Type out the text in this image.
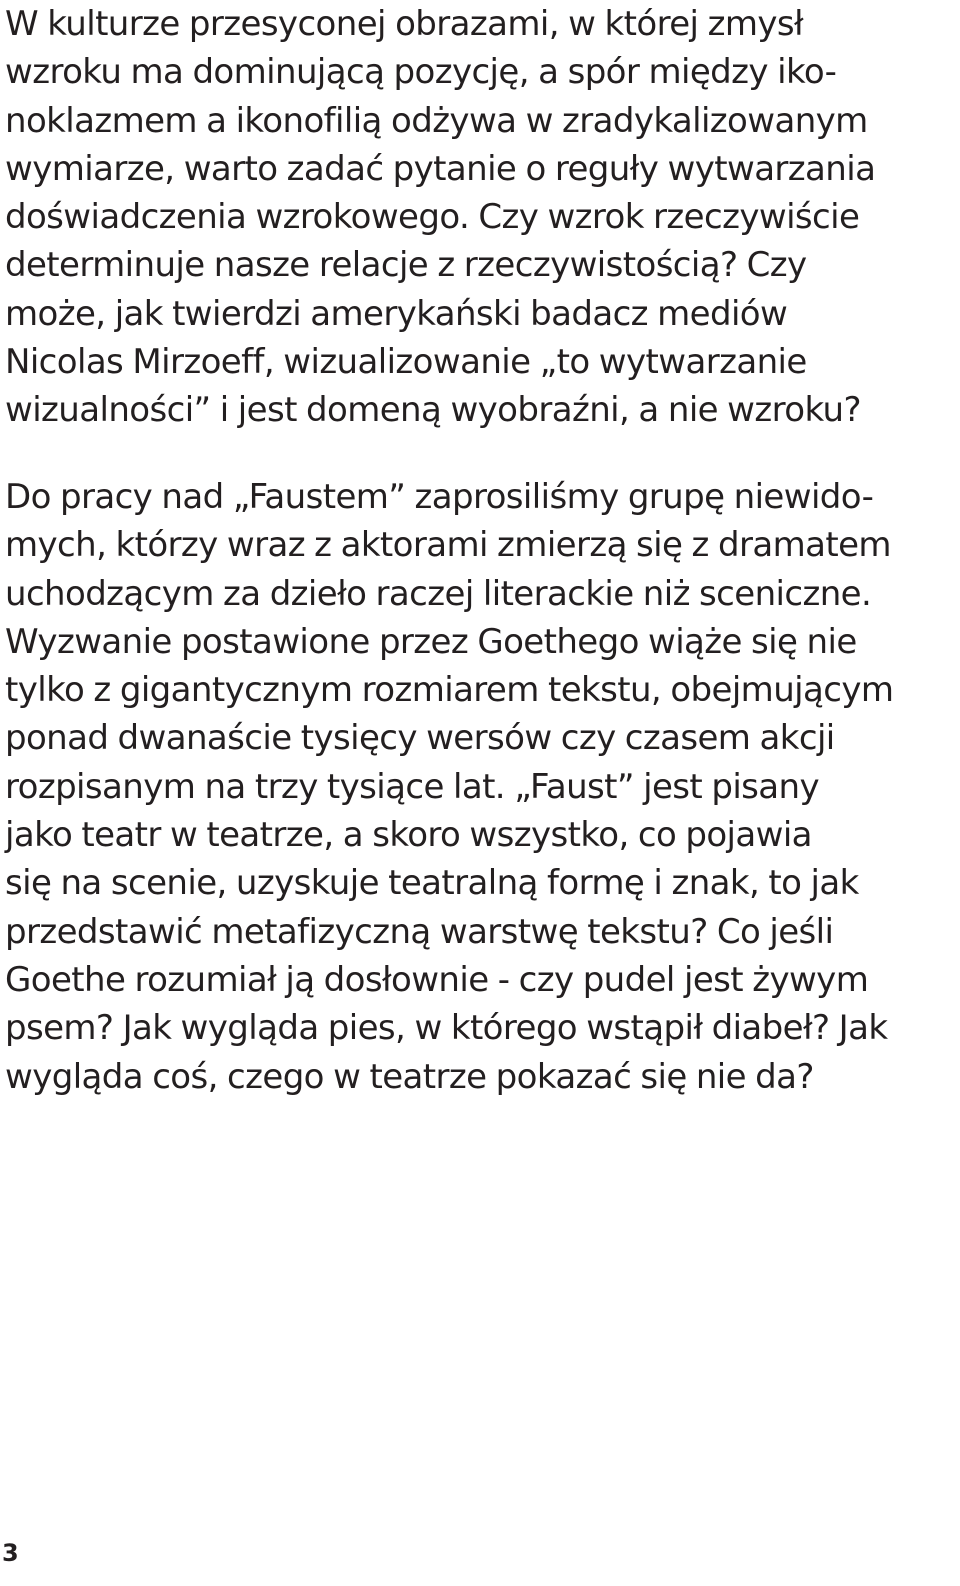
W kulturze przesyconej obrazami, w której zmysł
wzroku ma dominującą pozycję, a spór między iko-
noklazmem a ikonofilią odżywa w zradykalizowanym
wymiarze, warto zadać pytanie o reguły wytwarzania
doświadczenia wzrokowego. Czy wzrok rzeczywiście
determinuje nasze relacje z rzeczywistością? Czy
może, jak twierdzi amerykański badacz mediów
Nicolas Mirzoeff, wizualizowanie „to wytwarzanie
wizualności” i jest domeną wyobraźni, a nie wzroku?
Do pracy nad „Faustem” zaprosiliśmy grupę niewido-
mych, którzy wraz z aktorami zmierzą się z dramatem
uchodzącym za dzieło raczej literackie niż sceniczne.
Wyzwanie postawione przez Goethego wiąże się nie
tylko z gigantycznym rozmiarem tekstu, obejmującym
ponad dwanaście tysięcy wersów czy czasem akcji
rozpisanym na trzy tysiące lat. „Faust” jest pisany
jako teatr w teatrze, a skoro wszystko, co pojawia
się na scenie, uzyskuje teatralną formę i znak, to jak
przedstawić metafizyczną warstwę tekstu? Co jeśli
Goethe rozumiał ją dosłownie - czy pudel jest żywym
psem? Jak wygląda pies, w którego wstąpił diabeł? Jak
wygląda coś, czego w teatrze pokazać się nie da?
3
